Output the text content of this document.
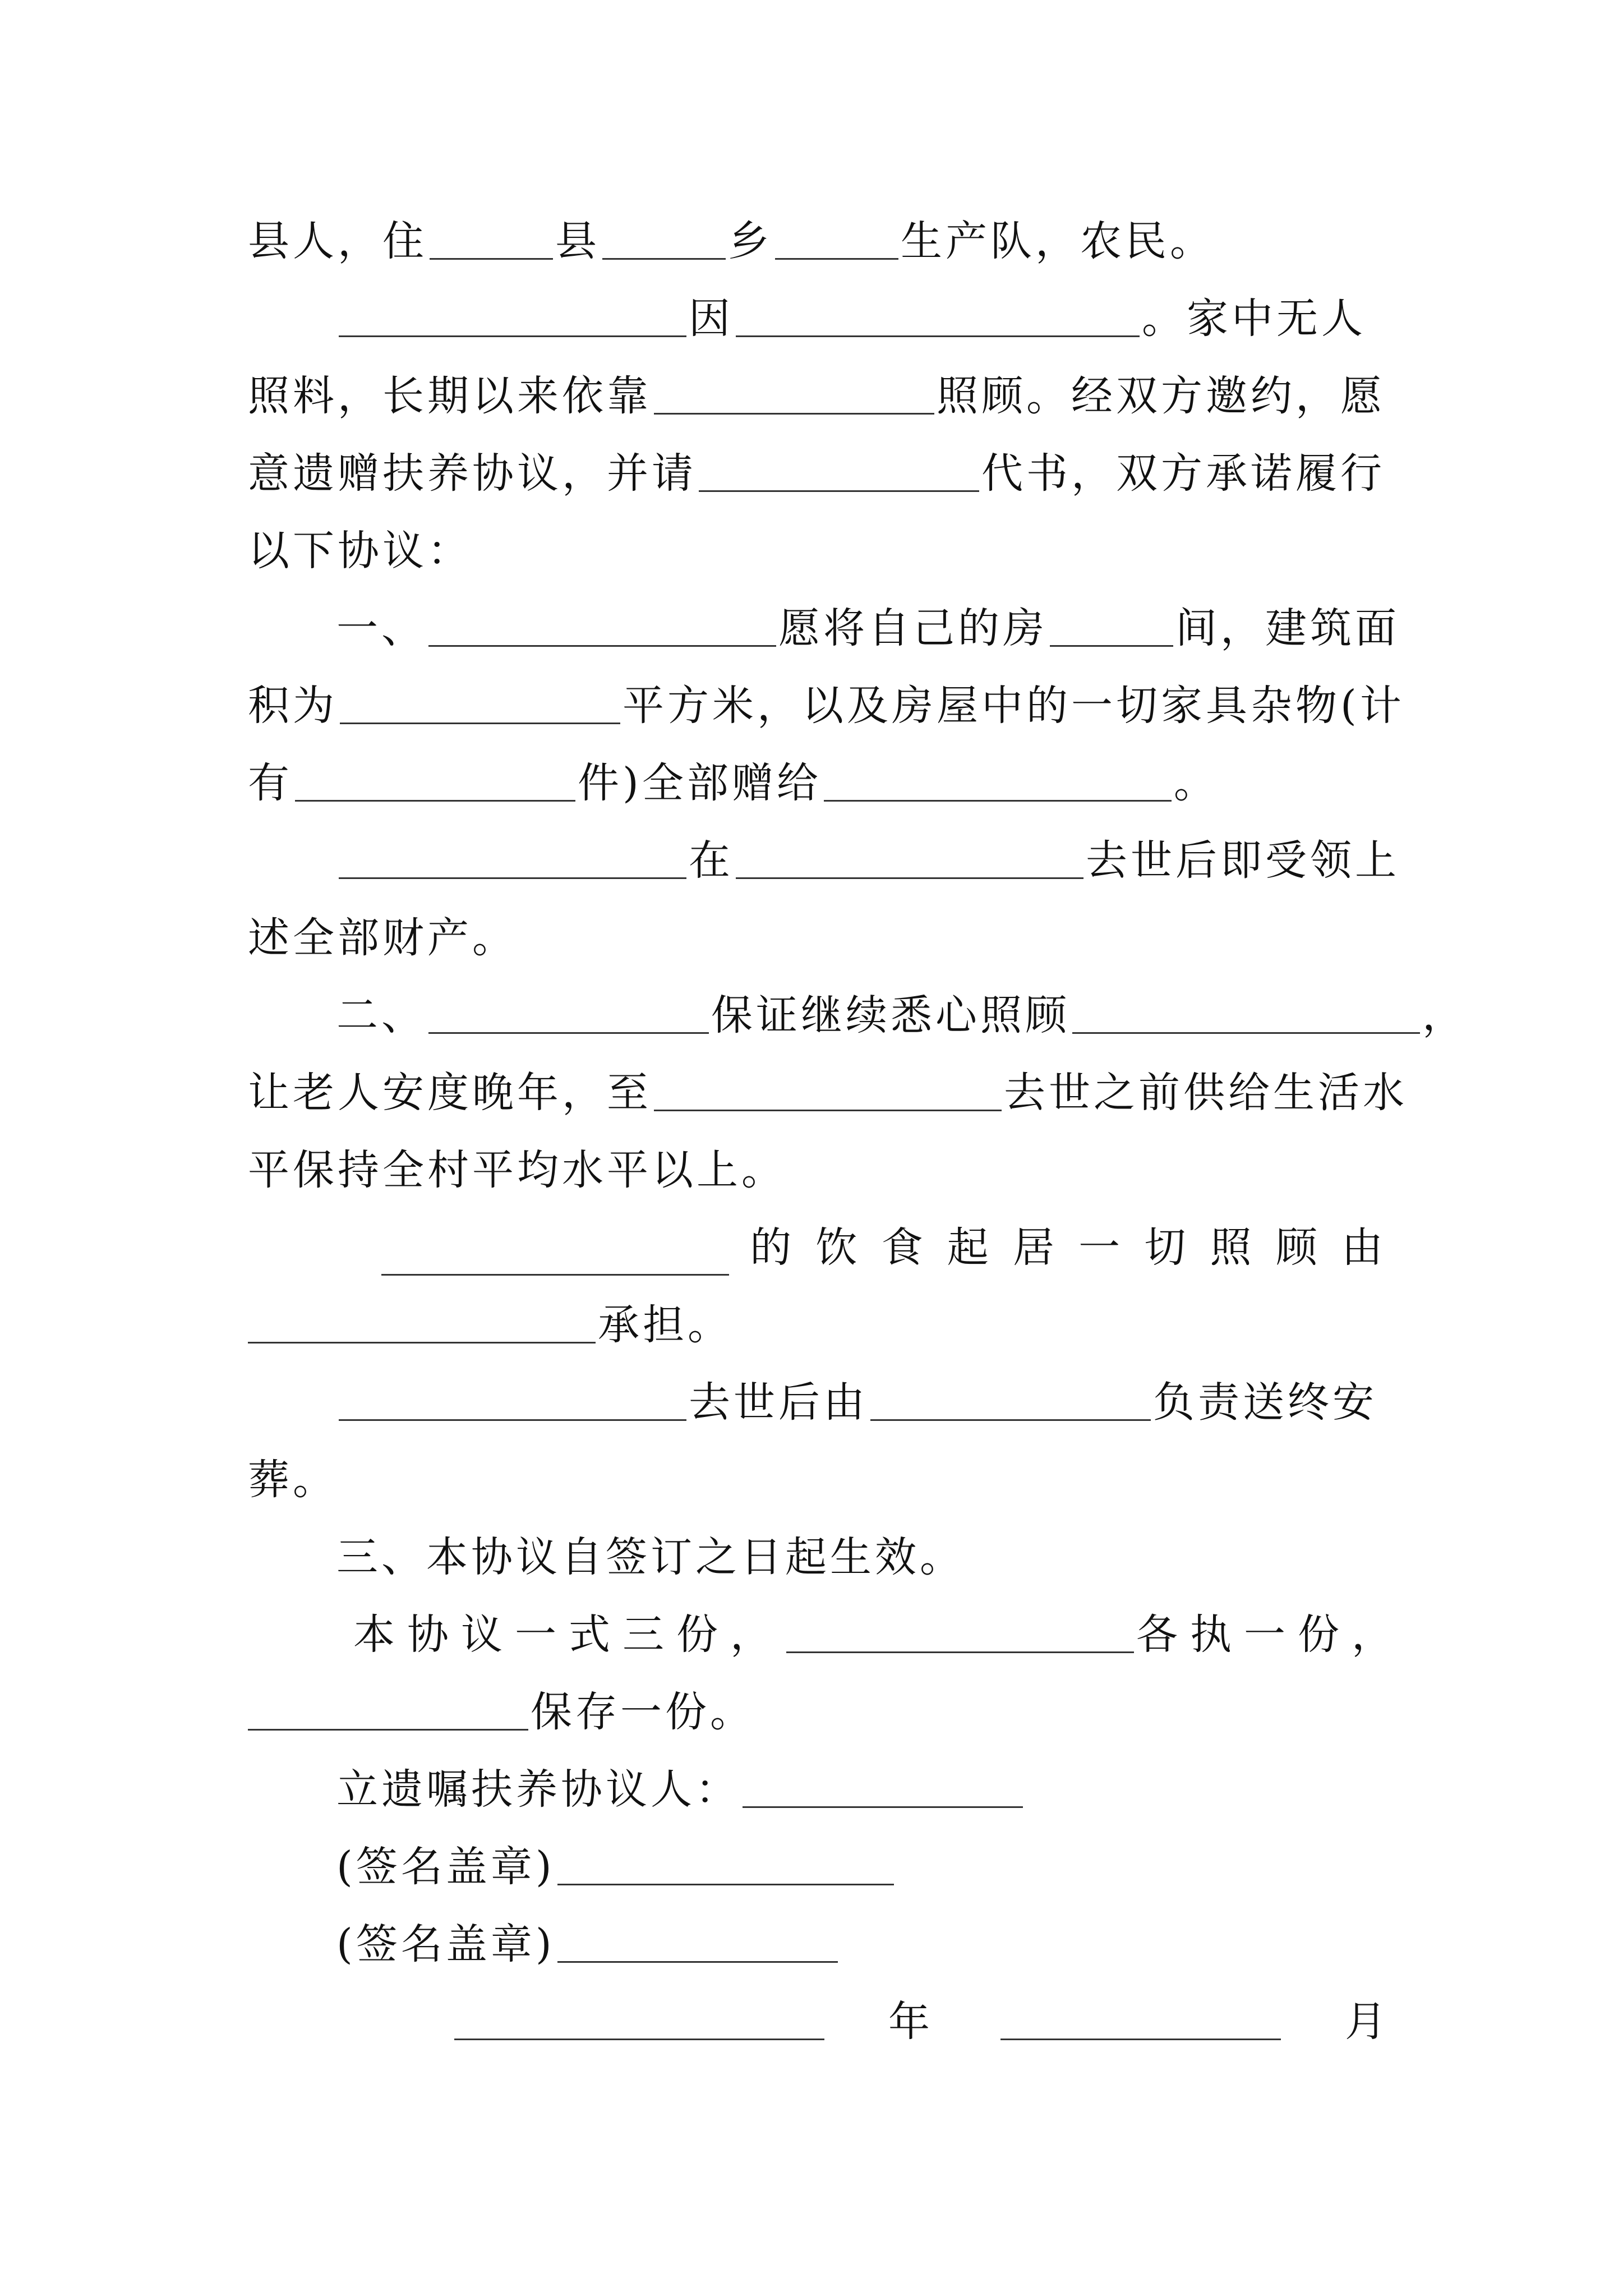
县人，住	县	乡	生产队，农民。
因	。家中无人
照料，长期以来依靠	照顾。经双方邀约，愿
意遗赠扶养协议，并请	代书，双方承诺履行
以下协议：
一、	愿将自己的房	间，建筑面
积为	平方米，以及房屋中的一切家具杂物(计
有	件)全部赠给	。
在	去世后即受领上
述全部财产。
二、	保证继续悉心照顾	，
让老人安度晚年，至	去世之前供给生活水
平保持全村平均水平以上。
的 饮 食 起 居 一 切 照 顾 由
承担。
去世后由	负责送终安
葬。
三、本协议自签订之日起生效。
本协议一式三份，	各执一份，
保存一份。
立遗嘱扶养协议人：
(签名盖章)
(签名盖章)
年	月
